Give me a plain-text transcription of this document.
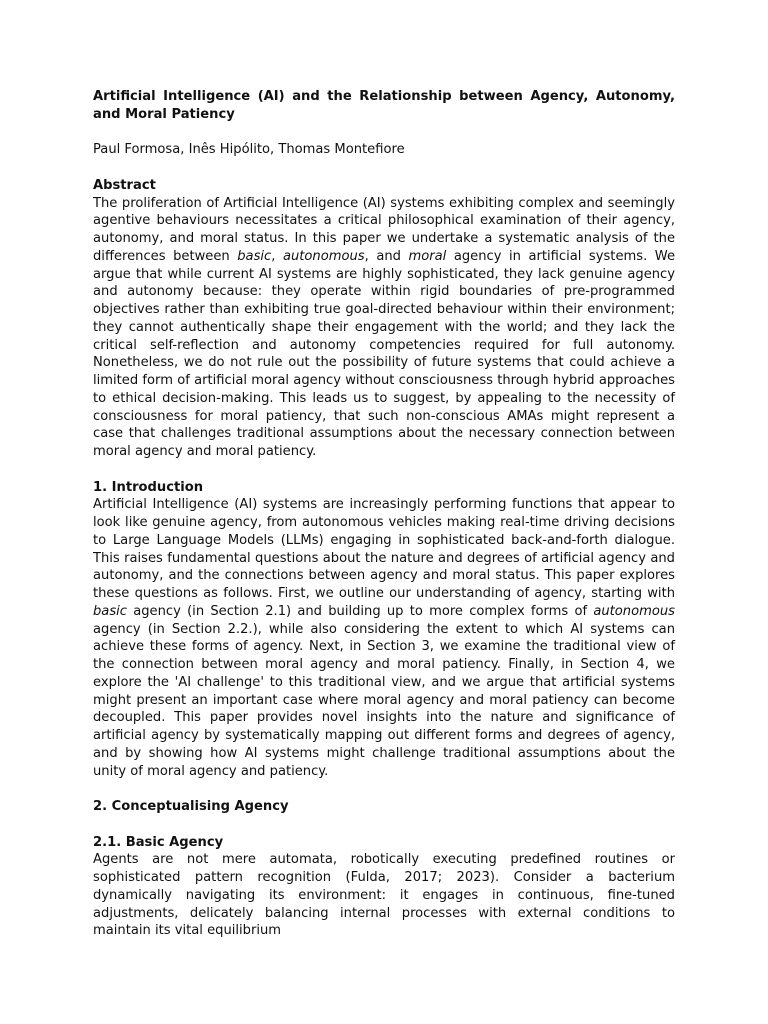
Artificial Intelligence (AI) and the Relationship between Agency, Autonomy, and Moral Patiency

Paul Formosa, Inês Hipólito, Thomas Montefiore

Abstract

The proliferation of Artificial Intelligence (AI) systems exhibiting complex and seemingly agentive behaviours necessitates a critical philosophical examination of their agency, autonomy, and moral status. In this paper we undertake a systematic analysis of the differences between basic, autonomous, and moral agency in artificial systems. We argue that while current AI systems are highly sophisticated, they lack genuine agency and autonomy because: they operate within rigid boundaries of pre-programmed objectives rather than exhibiting true goal-directed behaviour within their environment; they cannot authentically shape their engagement with the world; and they lack the critical self-reflection and autonomy competencies required for full autonomy. Nonetheless, we do not rule out the possibility of future systems that could achieve a limited form of artificial moral agency without consciousness through hybrid approaches to ethical decision-making. This leads us to suggest, by appealing to the necessity of consciousness for moral patiency, that such non-conscious AMAs might represent a case that challenges traditional assumptions about the necessary connection between moral agency and moral patiency.

1. Introduction

Artificial Intelligence (AI) systems are increasingly performing functions that appear to look like genuine agency, from autonomous vehicles making real-time driving decisions to Large Language Models (LLMs) engaging in sophisticated back-and-forth dialogue. This raises fundamental questions about the nature and degrees of artificial agency and autonomy, and the connections between agency and moral status. This paper explores these questions as follows. First, we outline our understanding of agency, starting with basic agency (in Section 2.1) and building up to more complex forms of autonomous agency (in Section 2.2.), while also considering the extent to which AI systems can achieve these forms of agency. Next, in Section 3, we examine the traditional view of the connection between moral agency and moral patiency. Finally, in Section 4, we explore the 'AI challenge' to this traditional view, and we argue that artificial systems might present an important case where moral agency and moral patiency can become decoupled. This paper provides novel insights into the nature and significance of artificial agency by systematically mapping out different forms and degrees of agency, and by showing how AI systems might challenge traditional assumptions about the unity of moral agency and patiency.

2. Conceptualising Agency

2.1. Basic Agency

Agents are not mere automata, robotically executing predefined routines or sophisticated pattern recognition (Fulda, 2017; 2023). Consider a bacterium dynamically navigating its environment: it engages in continuous, fine-tuned adjustments, delicately balancing internal processes with external conditions to maintain its vital equilibrium
